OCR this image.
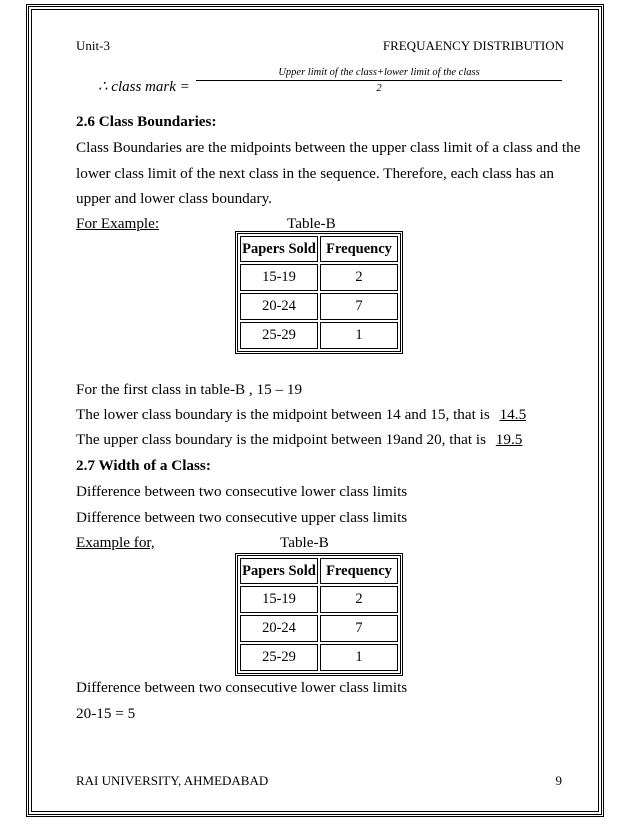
Unit-3	FREQUAENCY DISTRIBUTION
∴ class mark =
Upper limit of the class+lower limit of the class
2
2.6 Class Boundaries:
Class Boundaries are the midpoints between the upper class limit of a class and the
lower class limit of the next class in the sequence. Therefore, each class has an
upper and lower class boundary.
For Example:	Table-B
Papers Sold	Frequency
15-19	2
20-24	7
25-29	1
For the first class in table-B , 15 – 19
The lower class boundary is the midpoint between 14 and 15, that is 14.5
The upper class boundary is the midpoint between 19and 20, that is 19.5
2.7 Width of a Class:
Difference between two consecutive lower class limits
Difference between two consecutive upper class limits
Example for,	Table-B
Papers Sold	Frequency
15-19	2
20-24	7
25-29	1
Difference between two consecutive lower class limits
20-15 = 5
RAI UNIVERSITY, AHMEDABAD	9
